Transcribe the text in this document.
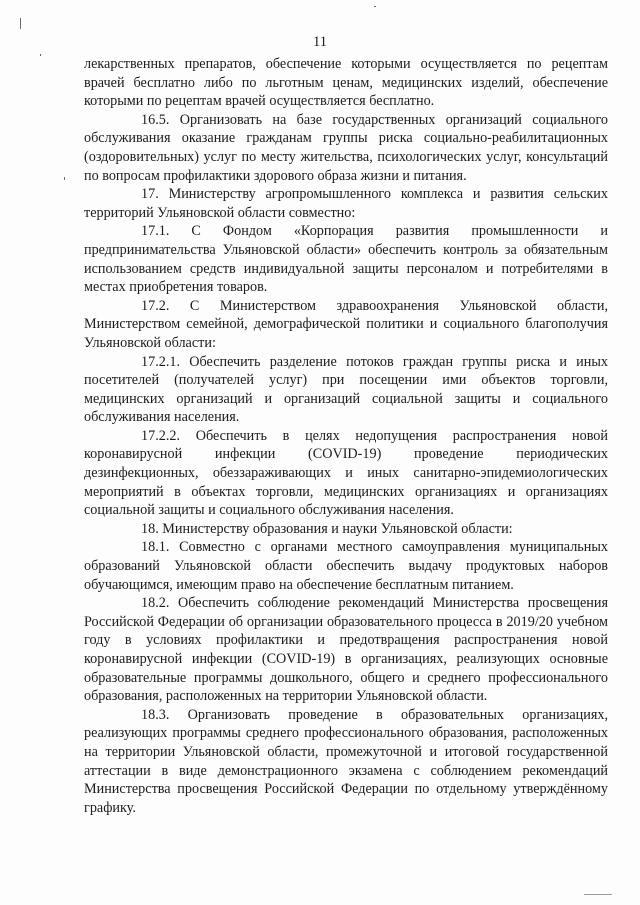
11

лекарственных препаратов, обеспечение которыми осуществляется по рецептам врачей бесплатно либо по льготным ценам, медицинских изделий, обеспечение которыми по рецептам врачей осуществляется бесплатно.

16.5. Организовать на базе государственных организаций социального обслуживания оказание гражданам группы риска социально-реабилитационных (оздоровительных) услуг по месту жительства, психологических услуг, консультаций по вопросам профилактики здорового образа жизни и питания.

17. Министерству агропромышленного комплекса и развития сельских территорий Ульяновской области совместно:

17.1. С Фондом «Корпорация развития промышленности и предпринимательства Ульяновской области» обеспечить контроль за обязательным использованием средств индивидуальной защиты персоналом и потребителями в местах приобретения товаров.

17.2. С Министерством здравоохранения Ульяновской области, Министерством семейной, демографической политики и социального благополучия Ульяновской области:

17.2.1. Обеспечить разделение потоков граждан группы риска и иных посетителей (получателей услуг) при посещении ими объектов торговли, медицинских организаций и организаций социальной защиты и социального обслуживания населения.

17.2.2. Обеспечить в целях недопущения распространения новой коронавирусной инфекции (COVID-19) проведение периодических дезинфекционных, обеззараживающих и иных санитарно-эпидемиологических мероприятий в объектах торговли, медицинских организациях и организациях социальной защиты и социального обслуживания населения.

18. Министерству образования и науки Ульяновской области:

18.1. Совместно с органами местного самоуправления муниципальных образований Ульяновской области обеспечить выдачу продуктовых наборов обучающимся, имеющим право на обеспечение бесплатным питанием.

18.2. Обеспечить соблюдение рекомендаций Министерства просвещения Российской Федерации об организации образовательного процесса в 2019/20 учебном году в условиях профилактики и предотвращения распространения новой коронавирусной инфекции (COVID-19) в организациях, реализующих основные образовательные программы дошкольного, общего и среднего профессионального образования, расположенных на территории Ульяновской области.

18.3. Организовать проведение в образовательных организациях, реализующих программы среднего профессионального образования, расположенных на территории Ульяновской области, промежуточной и итоговой государственной аттестации в виде демонстрационного экзамена с соблюдением рекомендаций Министерства просвещения Российской Федерации по отдельному утверждённому графику.
